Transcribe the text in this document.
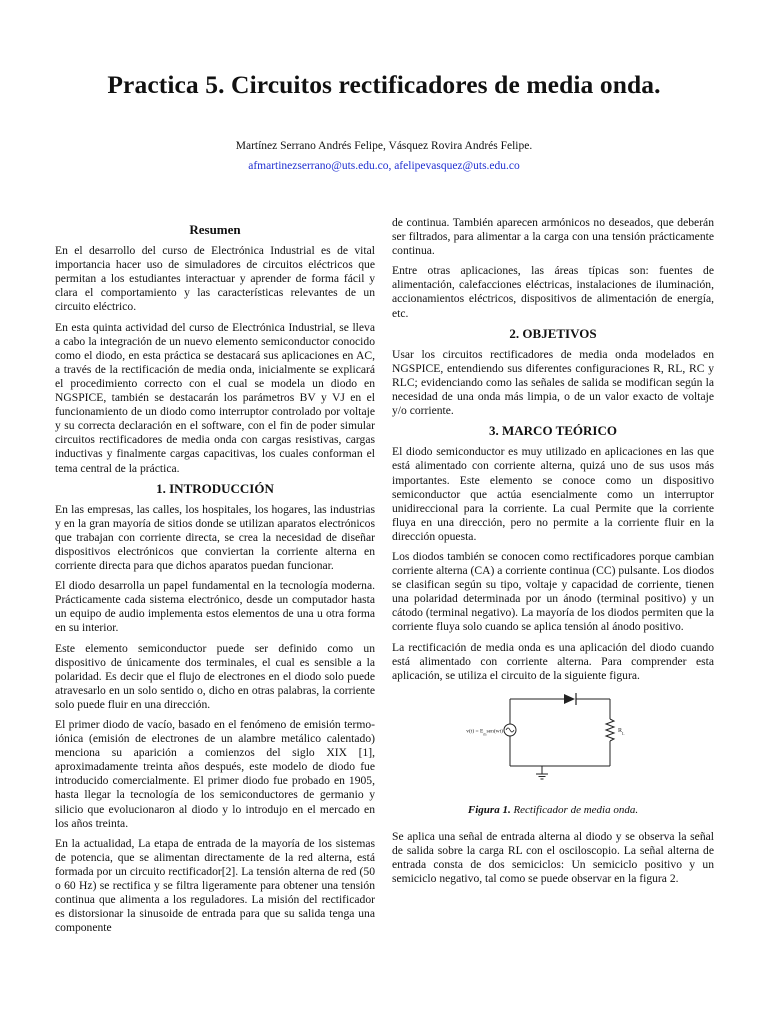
Practica 5. Circuitos rectificadores de media onda.
Martínez Serrano Andrés Felipe, Vásquez Rovira Andrés Felipe.
afmartinezserrano@uts.edu.co, afelipevasquez@uts.edu.co
Resumen

En el desarrollo del curso de Electrónica Industrial es de vital importancia hacer uso de simuladores de circuitos eléctricos que permitan a los estudiantes interactuar y aprender de forma fácil y clara el comportamiento y las características relevantes de un circuito eléctrico.

En esta quinta actividad del curso de Electrónica Industrial, se lleva a cabo la integración de un nuevo elemento semiconductor conocido como el diodo, en esta práctica se destacará sus aplicaciones en AC, a través de la rectificación de media onda, inicialmente se explicará el procedimiento correcto con el cual se modela un diodo en NGSPICE, también se destacarán los parámetros BV y VJ en el funcionamiento de un diodo como interruptor controlado por voltaje y su correcta declaración en el software, con el fin de poder simular circuitos rectificadores de media onda con cargas resistivas, cargas inductivas y finalmente cargas capacitivas, los cuales conforman el tema central de la práctica.

1. INTRODUCCIÓN

En las empresas, las calles, los hospitales, los hogares, las industrias y en la gran mayoría de sitios donde se utilizan aparatos electrónicos que trabajan con corriente directa, se crea la necesidad de diseñar dispositivos electrónicos que conviertan la corriente alterna en corriente directa para que dichos aparatos puedan funcionar.

El diodo desarrolla un papel fundamental en la tecnología moderna. Prácticamente cada sistema electrónico, desde un computador hasta un equipo de audio implementa estos elementos de una u otra forma en su interior.

Este elemento semiconductor puede ser definido como un dispositivo de únicamente dos terminales, el cual es sensible a la polaridad. Es decir que el flujo de electrones en el diodo solo puede atravesarlo en un solo sentido o, dicho en otras palabras, la corriente solo puede fluir en una dirección.

El primer diodo de vacío, basado en el fenómeno de emisión termo-iónica (emisión de electrones de un alambre metálico calentado) menciona su aparición a comienzos del siglo XIX [1], aproximadamente treinta años después, este modelo de diodo fue introducido comercialmente. El primer diodo fue probado en 1905, hasta llegar la tecnología de los semiconductores de germanio y silicio que evolucionaron al diodo y lo introdujo en el mercado en los años treinta.

En la actualidad, La etapa de entrada de la mayoría de los sistemas de potencia, que se alimentan directamente de la red alterna, está formada por un circuito rectificador[2]. La tensión alterna de red (50 o 60 Hz) se rectifica y se filtra ligeramente para obtener una tensión continua que alimenta a los reguladores. La misión del rectificador es distorsionar la sinusoide de entrada para que su salida tenga una componente

de continua. También aparecen armónicos no deseados, que deberán ser filtrados, para alimentar a la carga con una tensión prácticamente continua.

Entre otras aplicaciones, las áreas típicas son: fuentes de alimentación, calefacciones eléctricas, instalaciones de iluminación, accionamientos eléctricos, dispositivos de alimentación de energía, etc.

2. OBJETIVOS

Usar los circuitos rectificadores de media onda modelados en NGSPICE, entendiendo sus diferentes configuraciones R, RL, RC y RLC; evidenciando como las señales de salida se modifican según la necesidad de una onda más limpia, o de un valor exacto de voltaje y/o corriente.

3. MARCO TEÓRICO

El diodo semiconductor es muy utilizado en aplicaciones en las que está alimentado con corriente alterna, quizá uno de sus usos más importantes. Este elemento se conoce como un dispositivo semiconductor que actúa esencialmente como un interruptor unidireccional para la corriente. La cual Permite que la corriente fluya en una dirección, pero no permite a la corriente fluir en la dirección opuesta.

Los diodos también se conocen como rectificadores porque cambian corriente alterna (CA) a corriente continua (CC) pulsante. Los diodos se clasifican según su tipo, voltaje y capacidad de corriente, tienen una polaridad determinada por un ánodo (terminal positivo) y un cátodo (terminal negativo). La mayoría de los diodos permiten que la corriente fluya solo cuando se aplica tensión al ánodo positivo.

La rectificación de media onda es una aplicación del diodo cuando está alimentado con corriente alterna. Para comprender esta aplicación, se utiliza el circuito de la siguiente figura.

$v(t) = E_msen(wt)$	$R_L$
Figura 1. Rectificador de media onda.

Se aplica una señal de entrada alterna al diodo y se observa la señal de salida sobre la carga RL con el osciloscopio. La señal alterna de entrada consta de dos semiciclos: Un semiciclo positivo y un semiciclo negativo, tal como se puede observar en la figura 2.
